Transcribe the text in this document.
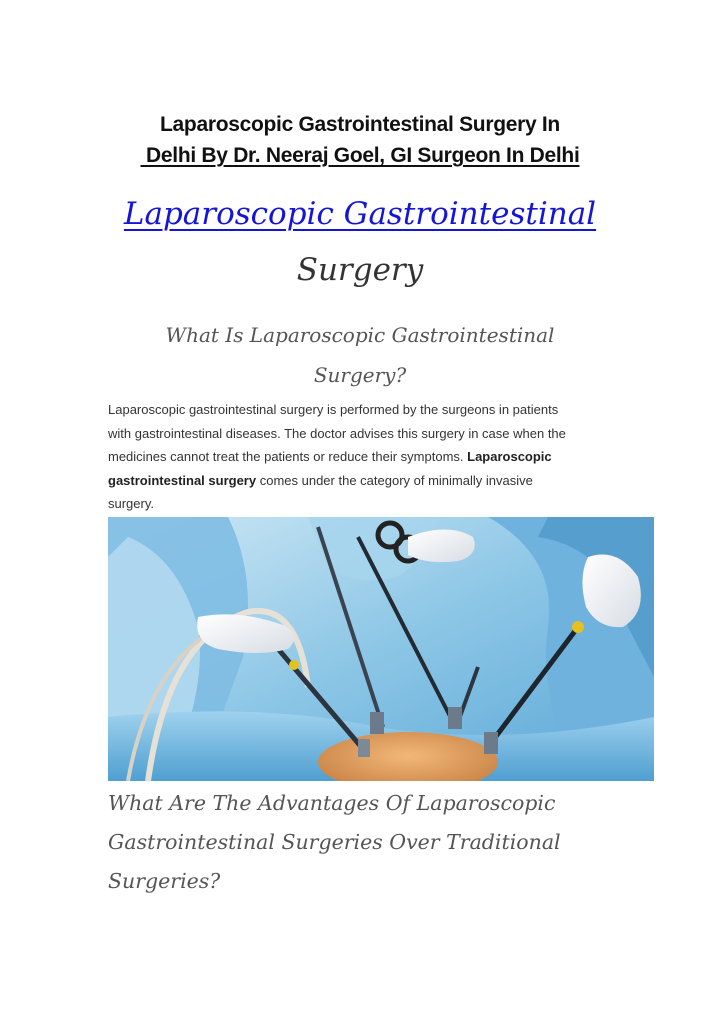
Laparoscopic Gastrointestinal Surgery In
Delhi By Dr. Neeraj Goel, GI Surgeon In Delhi
Laparoscopic Gastrointestinal
Surgery
What Is Laparoscopic Gastrointestinal
Surgery?

Laparoscopic gastrointestinal surgery is performed by the surgeons in patients with gastrointestinal diseases. The doctor advises this surgery in case when the medicines cannot treat the patients or reduce their symptoms. Laparoscopic gastrointestinal surgery comes under the category of minimally invasive surgery.

What Are The Advantages Of Laparoscopic
Gastrointestinal Surgeries Over Traditional
Surgeries?
